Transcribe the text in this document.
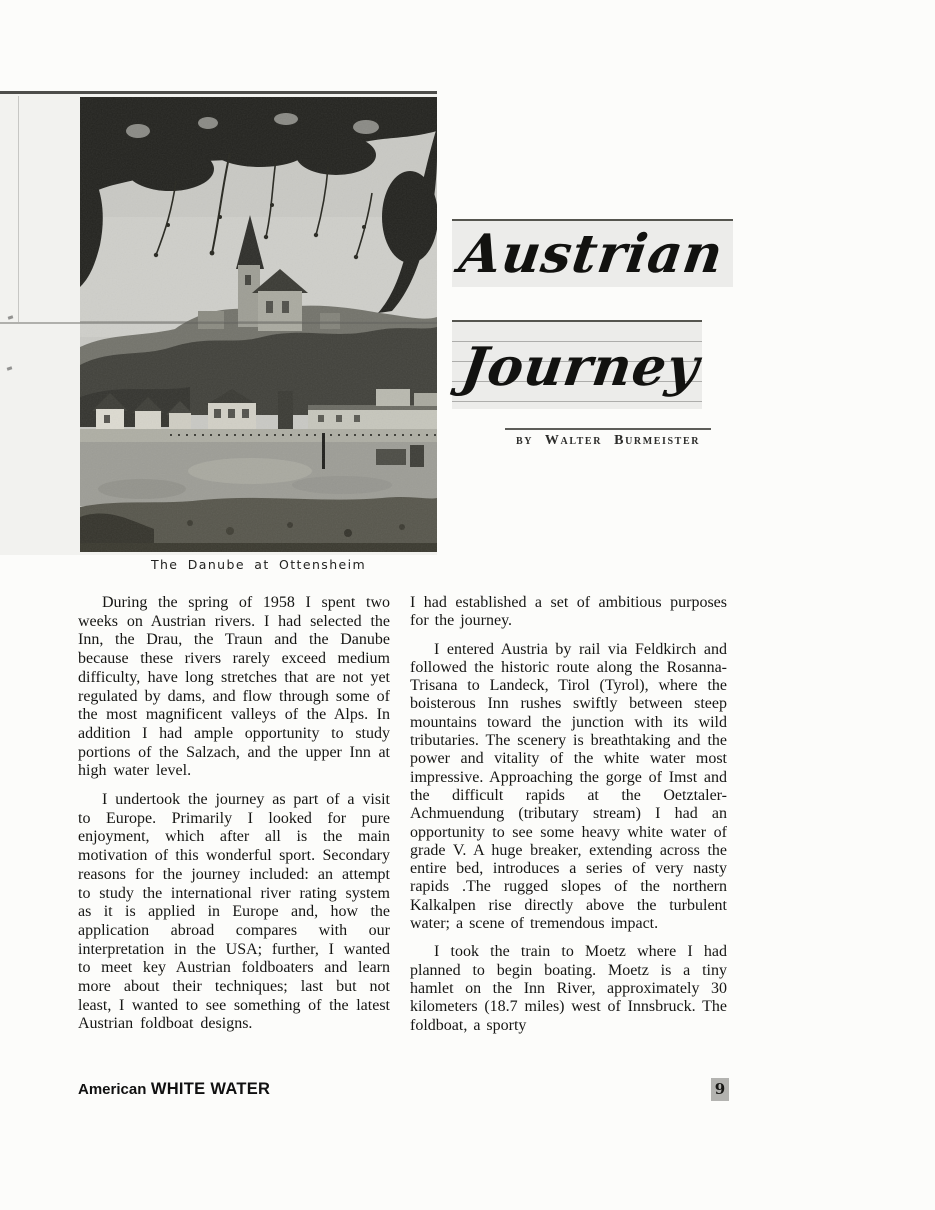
The Danube at Ottensheim
Austrian
Journey
by Walter Burmeister

During the spring of 1958 I spent two weeks on Austrian rivers. I had selected the Inn, the Drau, the Traun and the Danube because these rivers rarely exceed medium difficulty, have long stretches that are not yet regulated by dams, and flow through some of the most magnificent valleys of the Alps. In addition I had ample opportunity to study portions of the Salzach, and the upper Inn at high water level.

I undertook the journey as part of a visit to Europe. Primarily I looked for pure enjoyment, which after all is the main motivation of this wonderful sport. Secondary reasons for the journey included: an attempt to study the international river rating system as it is applied in Europe and, how the application abroad compares with our interpretation in the USA; further, I wanted to meet key Austrian foldboaters and learn more about their techniques; last but not least, I wanted to see something of the latest Austrian foldboat designs.

I had established a set of ambitious purposes for the journey.

I entered Austria by rail via Feldkirch and followed the historic route along the Rosanna-Trisana to Landeck, Tirol (Tyrol), where the boisterous Inn rushes swiftly between steep mountains toward the junction with its wild tributaries. The scenery is breathtaking and the power and vitality of the white water most impressive. Approaching the gorge of Imst and the difficult rapids at the Oetztaler-Achmuendung (tributary stream) I had an opportunity to see some heavy white water of grade V. A huge breaker, extending across the entire bed, introduces a series of very nasty rapids .The rugged slopes of the northern Kalkalpen rise directly above the turbulent water; a scene of tremendous impact.

I took the train to Moetz where I had planned to begin boating. Moetz is a tiny hamlet on the Inn River, approximately 30 kilometers (18.7 miles) west of Innsbruck. The foldboat, a sporty

American WHITE WATER	9
